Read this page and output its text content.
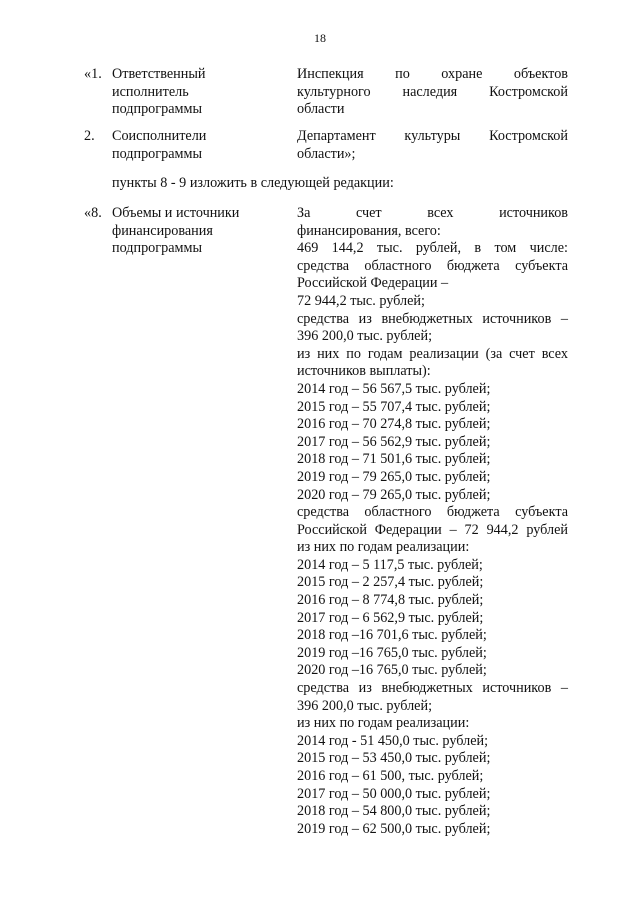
18
«1. Ответственный
исполнитель
подпрограммы
Инспекция по охране объектов
культурного наследия Костромской
области
2. Соисполнители
подпрограммы
Департамент культуры Костромской
области»;
пункты 8 - 9 изложить в следующей редакции:
«8. Объемы и источники
финансирования
подпрограммы
За счет всех источников
финансирования, всего:
469 144,2 тыс. рублей, в том числе:
средства областного бюджета субъекта
Российской Федерации –
72 944,2 тыс. рублей;
средства из внебюджетных источников –
396 200,0 тыс. рублей;
из них по годам реализации (за счет всех
источников выплаты):
2014 год – 56 567,5 тыс. рублей;
2015 год – 55 707,4 тыс. рублей;
2016 год – 70 274,8 тыс. рублей;
2017 год – 56 562,9 тыс. рублей;
2018 год – 71 501,6 тыс. рублей;
2019 год – 79 265,0 тыс. рублей;
2020 год – 79 265,0 тыс. рублей;
средства областного бюджета субъекта
Российской Федерации – 72 944,2 рублей
из них по годам реализации:
2014 год – 5 117,5 тыс. рублей;
2015 год – 2 257,4 тыс. рублей;
2016 год – 8 774,8 тыс. рублей;
2017 год – 6 562,9 тыс. рублей;
2018 год –16 701,6 тыс. рублей;
2019 год –16 765,0 тыс. рублей;
2020 год –16 765,0 тыс. рублей;
средства из внебюджетных источников –
396 200,0 тыс. рублей;
из них по годам реализации:
2014 год - 51 450,0 тыс. рублей;
2015 год – 53 450,0 тыс. рублей;
2016 год – 61 500, тыс. рублей;
2017 год – 50 000,0 тыс. рублей;
2018 год – 54 800,0 тыс. рублей;
2019 год – 62 500,0 тыс. рублей;
